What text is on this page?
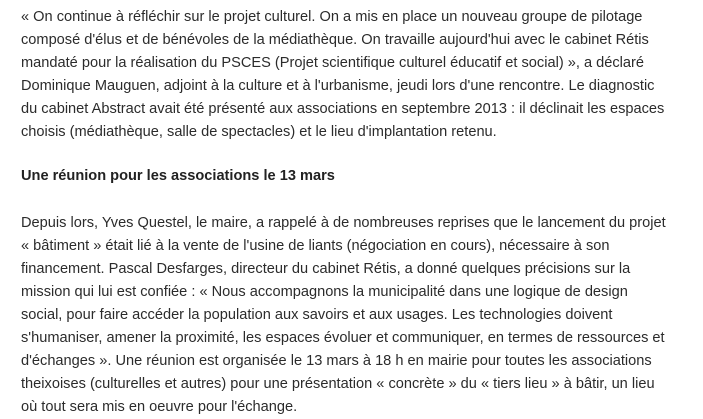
« On continue à réfléchir sur le projet culturel. On a mis en place un nouveau groupe de pilotage
composé d'élus et de bénévoles de la médiathèque. On travaille aujourd'hui avec le cabinet Rétis
mandaté pour la réalisation du PSCES (Projet scientifique culturel éducatif et social) », a déclaré
Dominique Mauguen, adjoint à la culture et à l'urbanisme, jeudi lors d'une rencontre. Le diagnostic
du cabinet Abstract avait été présenté aux associations en septembre 2013 : il déclinait les espaces
choisis (médiathèque, salle de spectacles) et le lieu d'implantation retenu.

Une réunion pour les associations le 13 mars

Depuis lors, Yves Questel, le maire, a rappelé à de nombreuses reprises que le lancement du projet
« bâtiment » était lié à la vente de l'usine de liants (négociation en cours), nécessaire à son
financement. Pascal Desfarges, directeur du cabinet Rétis, a donné quelques précisions sur la
mission qui lui est confiée : « Nous accompagnons la municipalité dans une logique de design
social, pour faire accéder la population aux savoirs et aux usages. Les technologies doivent
s'humaniser, amener la proximité, les espaces évoluer et communiquer, en termes de ressources et
d'échanges ». Une réunion est organisée le 13 mars à 18 h en mairie pour toutes les associations
theixoises (culturelles et autres) pour une présentation « concrète » du « tiers lieu » à bâtir, un lieu
où tout sera mis en oeuvre pour l'échange.
